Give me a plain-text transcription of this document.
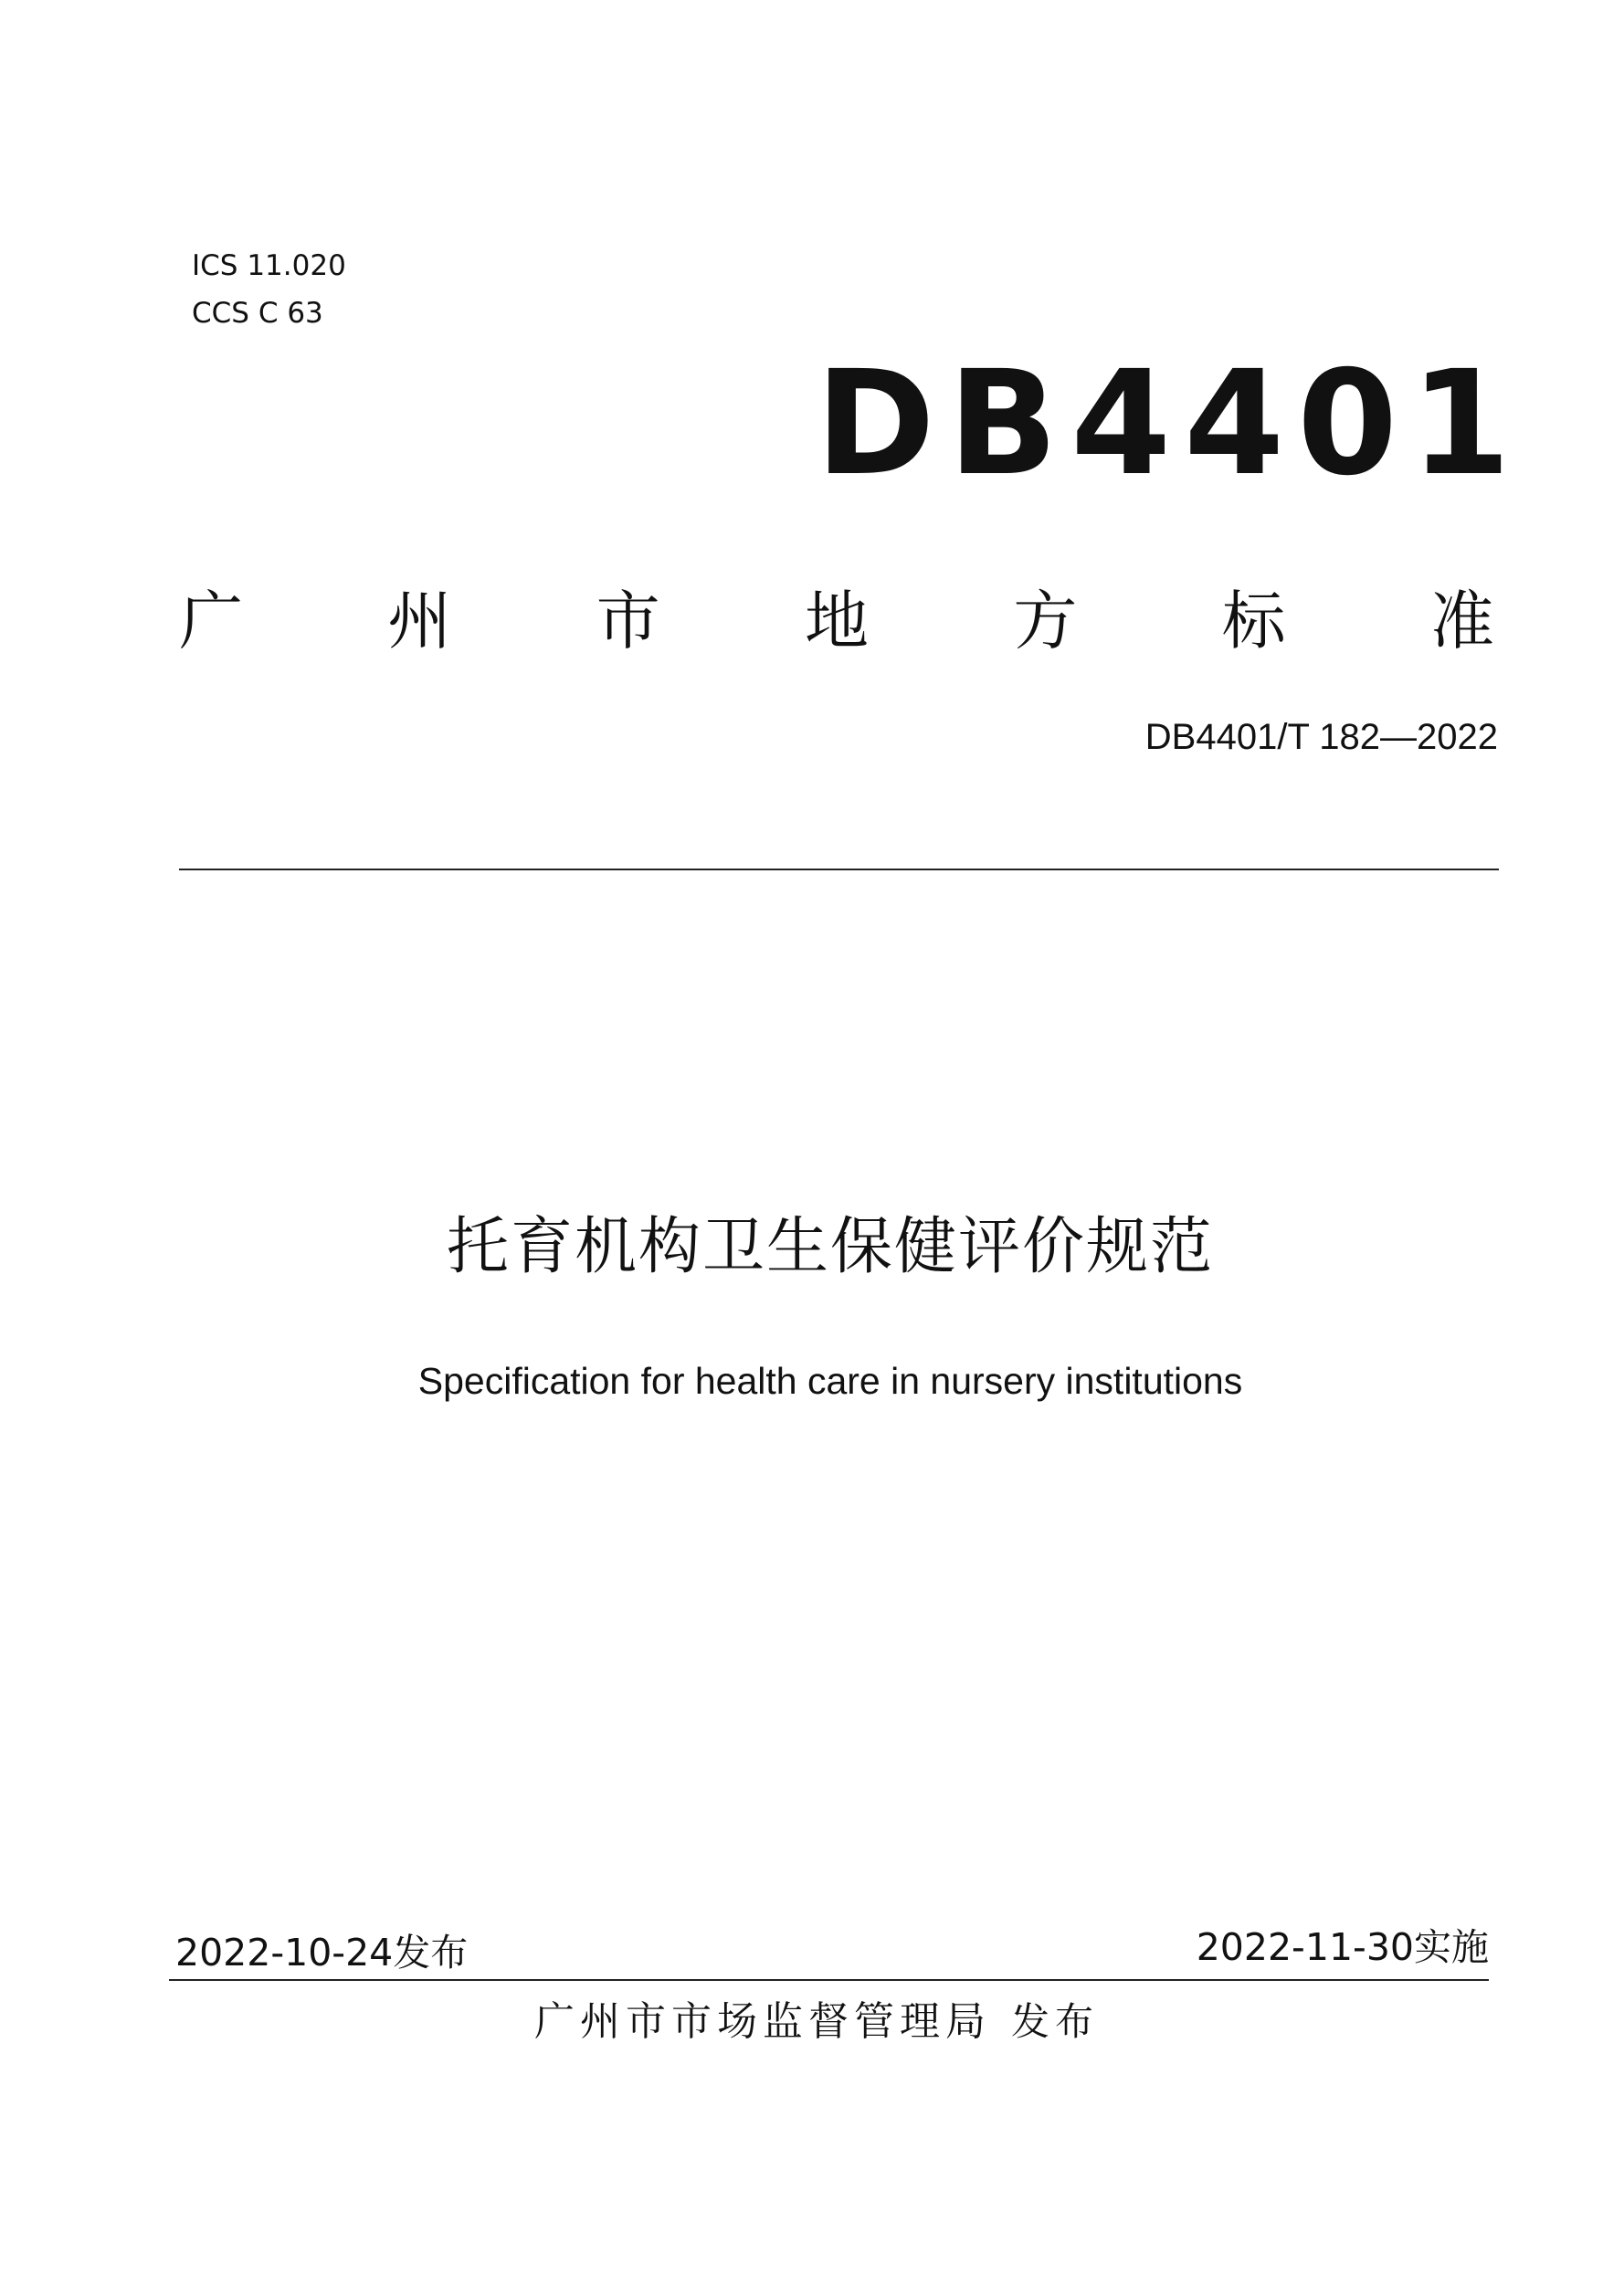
ICS 11.020
CCS C 63
DB4401
广 州 市 地 方 标 准
DB4401/T 182—2022
托育机构卫生保健评价规范
Specification for health care in nursery institutions
2022-10-24发布	2022-11-30实施
广州市市场监督管理局 发布
